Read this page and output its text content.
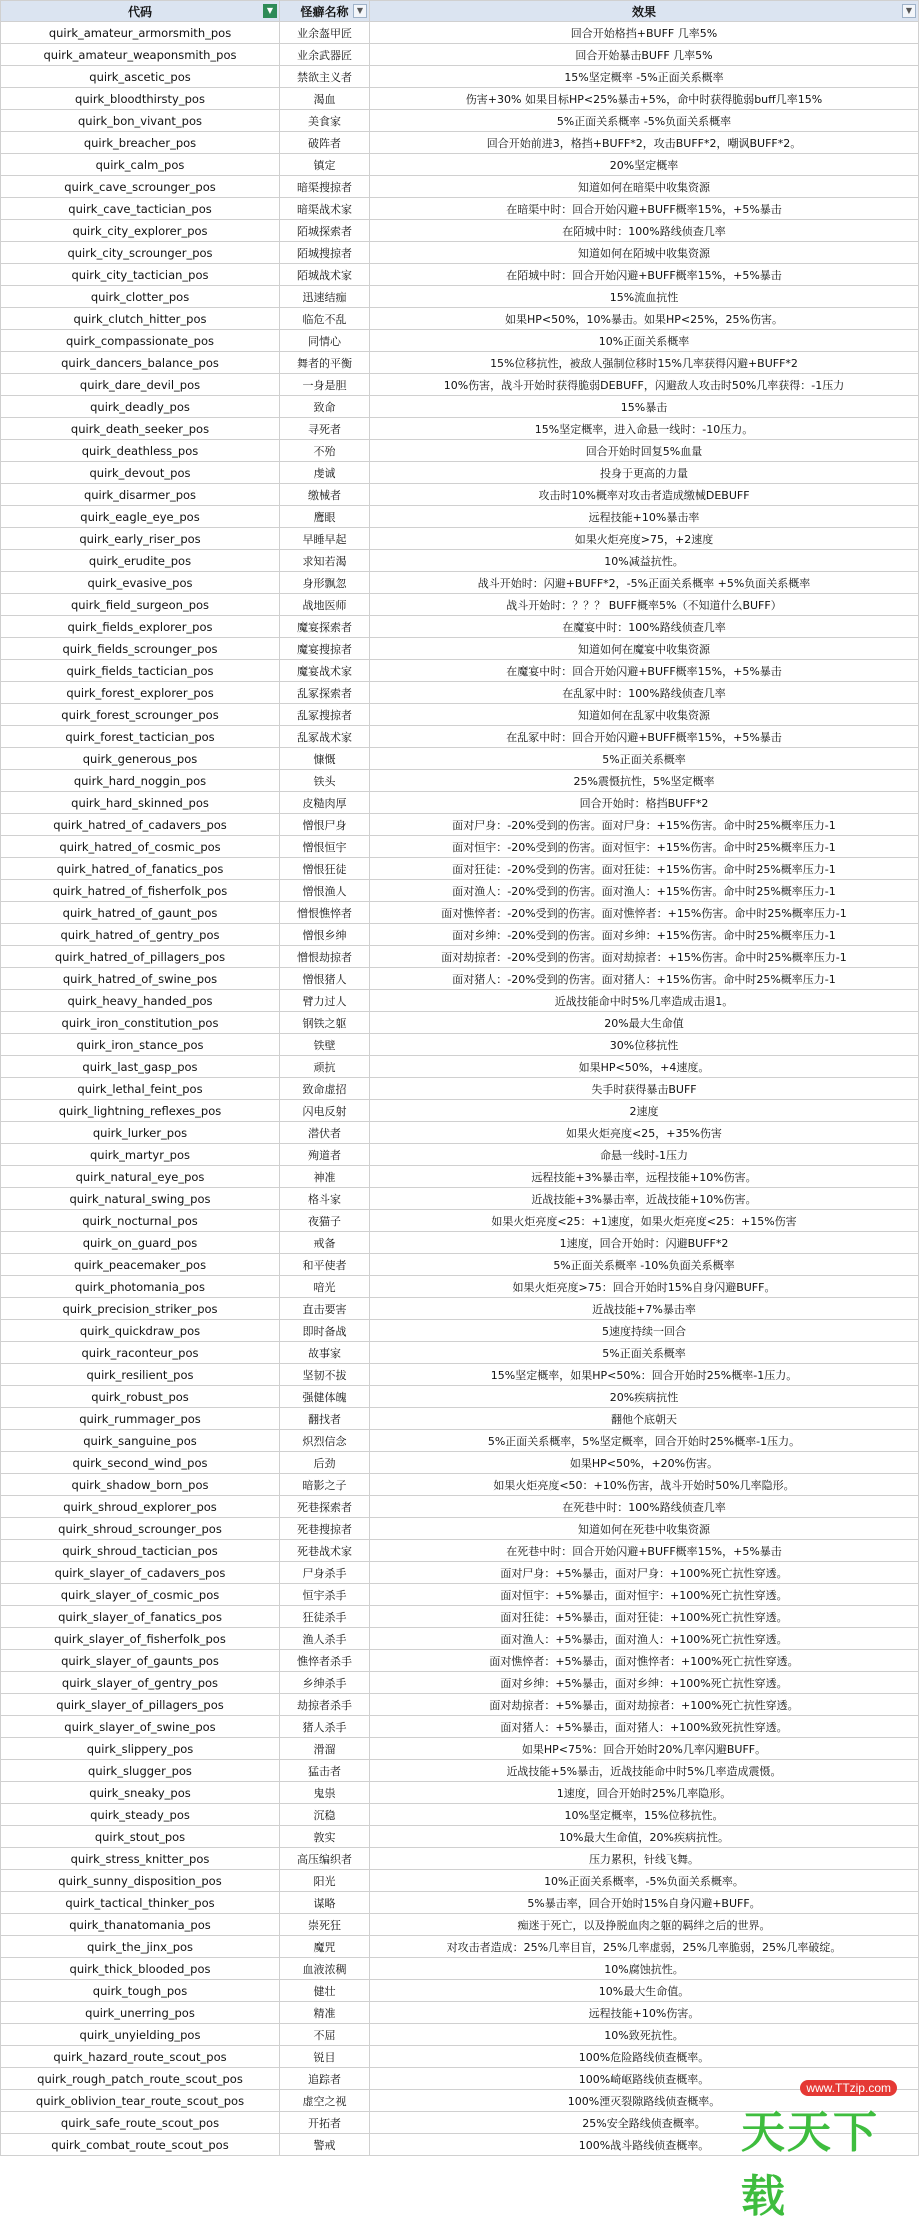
代码	▼	怪癖名称	▼	效果	▼
quirk_amateur_armorsmith_pos	业余盔甲匠	回合开始格挡+BUFF 几率5%
quirk_amateur_weaponsmith_pos	业余武器匠	回合开始暴击BUFF 几率5%
quirk_ascetic_pos	禁欲主义者	15%坚定概率 -5%正面关系概率
quirk_bloodthirsty_pos	渴血	伤害+30% 如果目标HP<25%暴击+5%，命中时获得脆弱buff几率15%
quirk_bon_vivant_pos	美食家	5%正面关系概率 -5%负面关系概率
quirk_breacher_pos	破阵者	回合开始前进3，格挡+BUFF*2，攻击BUFF*2，嘲讽BUFF*2。
quirk_calm_pos	镇定	20%坚定概率
quirk_cave_scrounger_pos	暗渠搜掠者	知道如何在暗渠中收集资源
quirk_cave_tactician_pos	暗渠战术家	在暗渠中时：回合开始闪避+BUFF概率15%，+5%暴击
quirk_city_explorer_pos	陌城探索者	在陌城中时：100%路线侦查几率
quirk_city_scrounger_pos	陌城搜掠者	知道如何在陌城中收集资源
quirk_city_tactician_pos	陌城战术家	在陌城中时：回合开始闪避+BUFF概率15%，+5%暴击
quirk_clotter_pos	迅速结痂	15%流血抗性
quirk_clutch_hitter_pos	临危不乱	如果HP<50%，10%暴击。如果HP<25%，25%伤害。
quirk_compassionate_pos	同情心	10%正面关系概率
quirk_dancers_balance_pos	舞者的平衡	15%位移抗性，被敌人强制位移时15%几率获得闪避+BUFF*2
quirk_dare_devil_pos	一身是胆	10%伤害，战斗开始时获得脆弱DEBUFF，闪避敌人攻击时50%几率获得：-1压力
quirk_deadly_pos	致命	15%暴击
quirk_death_seeker_pos	寻死者	15%坚定概率，进入命悬一线时：-10压力。
quirk_deathless_pos	不殆	回合开始时回复5%血量
quirk_devout_pos	虔诚	投身于更高的力量
quirk_disarmer_pos	缴械者	攻击时10%概率对攻击者造成缴械DEBUFF
quirk_eagle_eye_pos	鹰眼	远程技能+10%暴击率
quirk_early_riser_pos	早睡早起	如果火炬亮度>75，+2速度
quirk_erudite_pos	求知若渴	10%减益抗性。
quirk_evasive_pos	身形飘忽	战斗开始时：闪避+BUFF*2，-5%正面关系概率 +5%负面关系概率
quirk_field_surgeon_pos	战地医师	战斗开始时：？？？ BUFF概率5%（不知道什么BUFF）
quirk_fields_explorer_pos	魔宴探索者	在魔宴中时：100%路线侦查几率
quirk_fields_scrounger_pos	魔宴搜掠者	知道如何在魔宴中收集资源
quirk_fields_tactician_pos	魔宴战术家	在魔宴中时：回合开始闪避+BUFF概率15%，+5%暴击
quirk_forest_explorer_pos	乱冢探索者	在乱冢中时：100%路线侦查几率
quirk_forest_scrounger_pos	乱冢搜掠者	知道如何在乱冢中收集资源
quirk_forest_tactician_pos	乱冢战术家	在乱冢中时：回合开始闪避+BUFF概率15%，+5%暴击
quirk_generous_pos	慷慨	5%正面关系概率
quirk_hard_noggin_pos	铁头	25%震慑抗性，5%坚定概率
quirk_hard_skinned_pos	皮糙肉厚	回合开始时：格挡BUFF*2
quirk_hatred_of_cadavers_pos	憎恨尸身	面对尸身：-20%受到的伤害。面对尸身：+15%伤害。命中时25%概率压力-1
quirk_hatred_of_cosmic_pos	憎恨恒宇	面对恒宇：-20%受到的伤害。面对恒宇：+15%伤害。命中时25%概率压力-1
quirk_hatred_of_fanatics_pos	憎恨狂徒	面对狂徒：-20%受到的伤害。面对狂徒：+15%伤害。命中时25%概率压力-1
quirk_hatred_of_fisherfolk_pos	憎恨渔人	面对渔人：-20%受到的伤害。面对渔人：+15%伤害。命中时25%概率压力-1
quirk_hatred_of_gaunt_pos	憎恨憔悴者	面对憔悴者：-20%受到的伤害。面对憔悴者：+15%伤害。命中时25%概率压力-1
quirk_hatred_of_gentry_pos	憎恨乡绅	面对乡绅：-20%受到的伤害。面对乡绅：+15%伤害。命中时25%概率压力-1
quirk_hatred_of_pillagers_pos	憎恨劫掠者	面对劫掠者：-20%受到的伤害。面对劫掠者：+15%伤害。命中时25%概率压力-1
quirk_hatred_of_swine_pos	憎恨猪人	面对猪人：-20%受到的伤害。面对猪人：+15%伤害。命中时25%概率压力-1
quirk_heavy_handed_pos	臂力过人	近战技能命中时5%几率造成击退1。
quirk_iron_constitution_pos	钢铁之躯	20%最大生命值
quirk_iron_stance_pos	铁壁	30%位移抗性
quirk_last_gasp_pos	顽抗	如果HP<50%，+4速度。
quirk_lethal_feint_pos	致命虚招	失手时获得暴击BUFF
quirk_lightning_reflexes_pos	闪电反射	2速度
quirk_lurker_pos	潜伏者	如果火炬亮度<25，+35%伤害
quirk_martyr_pos	殉道者	命悬一线时-1压力
quirk_natural_eye_pos	神准	远程技能+3%暴击率，远程技能+10%伤害。
quirk_natural_swing_pos	格斗家	近战技能+3%暴击率，近战技能+10%伤害。
quirk_nocturnal_pos	夜猫子	如果火炬亮度<25：+1速度，如果火炬亮度<25：+15%伤害
quirk_on_guard_pos	戒备	1速度，回合开始时：闪避BUFF*2
quirk_peacemaker_pos	和平使者	5%正面关系概率 -10%负面关系概率
quirk_photomania_pos	喑光	如果火炬亮度>75：回合开始时15%自身闪避BUFF。
quirk_precision_striker_pos	直击要害	近战技能+7%暴击率
quirk_quickdraw_pos	即时备战	5速度持续一回合
quirk_raconteur_pos	故事家	5%正面关系概率
quirk_resilient_pos	坚韧不拔	15%坚定概率，如果HP<50%：回合开始时25%概率-1压力。
quirk_robust_pos	强健体魄	20%疾病抗性
quirk_rummager_pos	翻找者	翻他个底朝天
quirk_sanguine_pos	炽烈信念	5%正面关系概率，5%坚定概率，回合开始时25%概率-1压力。
quirk_second_wind_pos	后劲	如果HP<50%，+20%伤害。
quirk_shadow_born_pos	暗影之子	如果火炬亮度<50：+10%伤害，战斗开始时50%几率隐形。
quirk_shroud_explorer_pos	死巷探索者	在死巷中时：100%路线侦查几率
quirk_shroud_scrounger_pos	死巷搜掠者	知道如何在死巷中收集资源
quirk_shroud_tactician_pos	死巷战术家	在死巷中时：回合开始闪避+BUFF概率15%，+5%暴击
quirk_slayer_of_cadavers_pos	尸身杀手	面对尸身：+5%暴击，面对尸身：+100%死亡抗性穿透。
quirk_slayer_of_cosmic_pos	恒宇杀手	面对恒宇：+5%暴击，面对恒宇：+100%死亡抗性穿透。
quirk_slayer_of_fanatics_pos	狂徒杀手	面对狂徒：+5%暴击，面对狂徒：+100%死亡抗性穿透。
quirk_slayer_of_fisherfolk_pos	渔人杀手	面对渔人：+5%暴击，面对渔人：+100%死亡抗性穿透。
quirk_slayer_of_gaunts_pos	憔悴者杀手	面对憔悴者：+5%暴击，面对憔悴者：+100%死亡抗性穿透。
quirk_slayer_of_gentry_pos	乡绅杀手	面对乡绅：+5%暴击，面对乡绅：+100%死亡抗性穿透。
quirk_slayer_of_pillagers_pos	劫掠者杀手	面对劫掠者：+5%暴击，面对劫掠者：+100%死亡抗性穿透。
quirk_slayer_of_swine_pos	猪人杀手	面对猪人：+5%暴击，面对猪人：+100%致死抗性穿透。
quirk_slippery_pos	滑溜	如果HP<75%：回合开始时20%几率闪避BUFF。
quirk_slugger_pos	猛击者	近战技能+5%暴击，近战技能命中时5%几率造成震慑。
quirk_sneaky_pos	鬼祟	1速度，回合开始时25%几率隐形。
quirk_steady_pos	沉稳	10%坚定概率，15%位移抗性。
quirk_stout_pos	敦实	10%最大生命值，20%疾病抗性。
quirk_stress_knitter_pos	高压编织者	压力累积，针线飞舞。
quirk_sunny_disposition_pos	阳光	10%正面关系概率，-5%负面关系概率。
quirk_tactical_thinker_pos	谋略	5%暴击率，回合开始时15%自身闪避+BUFF。
quirk_thanatomania_pos	崇死狂	痴迷于死亡，以及挣脱血肉之躯的羁绊之后的世界。
quirk_the_jinx_pos	魔咒	对攻击者造成：25%几率目盲，25%几率虚弱，25%几率脆弱，25%几率破绽。
quirk_thick_blooded_pos	血液浓稠	10%腐蚀抗性。
quirk_tough_pos	健壮	10%最大生命值。
quirk_unerring_pos	精准	远程技能+10%伤害。
quirk_unyielding_pos	不屈	10%致死抗性。
quirk_hazard_route_scout_pos	锐目	100%危险路线侦查概率。
quirk_rough_patch_route_scout_pos	追踪者	100%崎岖路线侦查概率。
quirk_oblivion_tear_route_scout_pos	虚空之视	100%湮灭裂隙路线侦查概率。
quirk_safe_route_scout_pos	开拓者	25%安全路线侦查概率。
quirk_combat_route_scout_pos	警戒	100%战斗路线侦查概率。
www.TTzip.com
天天下载
